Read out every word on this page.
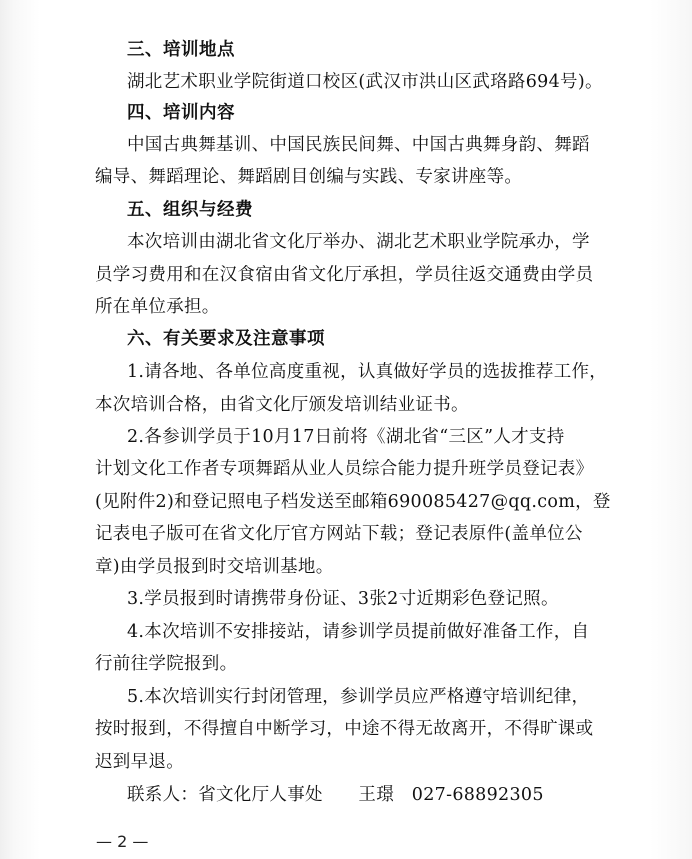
三、培训地点
湖北艺术职业学院街道口校区(武汉市洪山区武珞路694号)。
四、培训内容
中国古典舞基训、中国民族民间舞、中国古典舞身韵、舞蹈
编导、舞蹈理论、舞蹈剧目创编与实践、专家讲座等。
五、组织与经费
本次培训由湖北省文化厅举办、湖北艺术职业学院承办，学
员学习费用和在汉食宿由省文化厅承担，学员往返交通费由学员
所在单位承担。
六、有关要求及注意事项
1.请各地、各单位高度重视，认真做好学员的选拔推荐工作，
本次培训合格，由省文化厅颁发培训结业证书。
2.各参训学员于10月17日前将《湖北省“三区”人才支持
计划文化工作者专项舞蹈从业人员综合能力提升班学员登记表》
(见附件2)和登记照电子档发送至邮箱690085427@qq.com，登
记表电子版可在省文化厅官方网站下载；登记表原件(盖单位公
章)由学员报到时交培训基地。
3.学员报到时请携带身份证、3张2寸近期彩色登记照。
4.本次培训不安排接站，请参训学员提前做好准备工作，自
行前往学院报到。
5.本次培训实行封闭管理，参训学员应严格遵守培训纪律，
按时报到，不得擅自中断学习，中途不得无故离开，不得旷课或
迟到早退。
联系人：省文化厅人事处　　王璟　027-68892305
— 2 —
